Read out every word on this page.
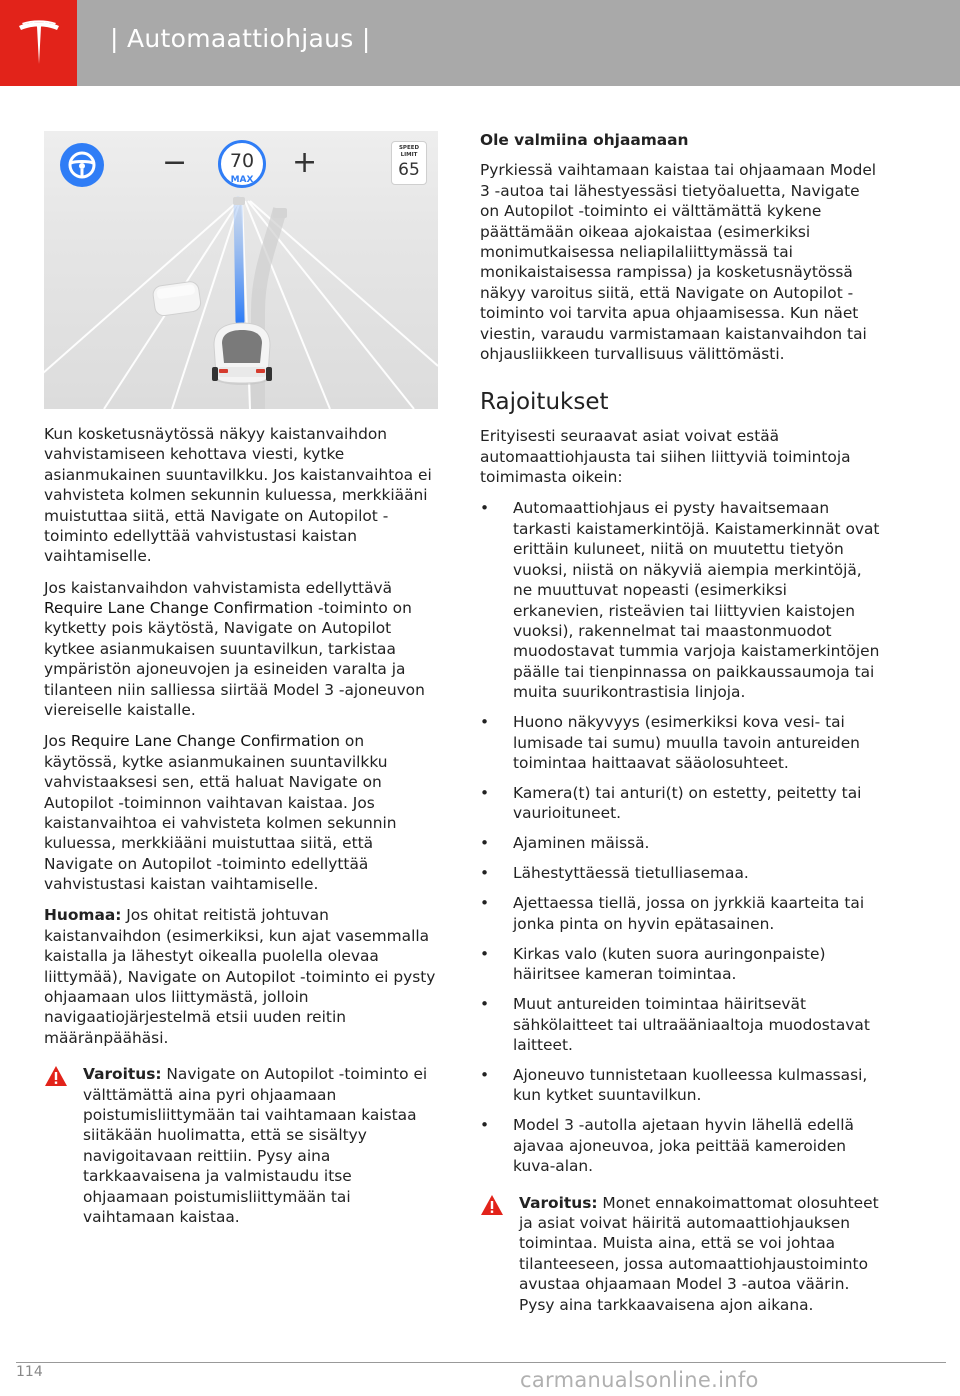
| Automaattiohjaus |
−	70
MAX	+	SPEED
LIMIT
65

Kun kosketusnäytössä näkyy kaistanvaihdon vahvistamiseen kehottava viesti, kytke asianmukainen suuntavilkku. Jos kaistanvaihtoa ei vahvisteta kolmen sekunnin kuluessa, merkkiääni muistuttaa siitä, että Navigate on Autopilot -toiminto edellyttää vahvistustasi kaistan vaihtamiselle.

Jos kaistanvaihdon vahvistamista edellyttävä Require Lane Change Confirmation -toiminto on kytketty pois käytöstä, Navigate on Autopilot kytkee asianmukaisen suuntavilkun, tarkistaa ympäristön ajoneuvojen ja esineiden varalta ja tilanteen niin salliessa siirtää Model 3 -ajoneuvon viereiselle kaistalle.

Jos Require Lane Change Confirmation on käytössä, kytke asianmukainen suuntavilkku vahvistaaksesi sen, että haluat Navigate on Autopilot -toiminnon vaihtavan kaistaa. Jos kaistanvaihtoa ei vahvisteta kolmen sekunnin kuluessa, merkkiääni muistuttaa siitä, että Navigate on Autopilot -toiminto edellyttää vahvistustasi kaistan vaihtamiselle.

Huomaa: Jos ohitat reitistä johtuvan kaistanvaihdon (esimerkiksi, kun ajat vasemmalla kaistalla ja lähestyt oikealla puolella olevaa liittymää), Navigate on Autopilot -toiminto ei pysty ohjaamaan ulos liittymästä, jolloin navigaatiojärjestelmä etsii uuden reitin määränpäähäsi.

Varoitus: Navigate on Autopilot -toiminto ei välttämättä aina pyri ohjaamaan poistumisliittymään tai vaihtamaan kaistaa siitäkään huolimatta, että se sisältyy navigoitavaan reittiin. Pysy aina tarkkaavaisena ja valmistaudu itse ohjaamaan poistumisliittymään tai vaihtamaan kaistaa.
Ole valmiina ohjaamaan

Pyrkiessä vaihtamaan kaistaa tai ohjaamaan Model 3 -autoa tai lähestyessäsi tietyöaluetta, Navigate on Autopilot -toiminto ei välttämättä kykene päättämään oikeaa ajokaistaa (esimerkiksi monimutkaisessa neliapilaliittymässä tai monikaistaisessa rampissa) ja kosketusnäytössä näkyy varoitus siitä, että Navigate on Autopilot -toiminto voi tarvita apua ohjaamisessa. Kun näet viestin, varaudu varmistamaan kaistanvaihdon tai ohjausliikkeen turvallisuus välittömästi.

Rajoitukset

Erityisesti seuraavat asiat voivat estää automaattiohjausta tai siihen liittyviä toimintoja toimimasta oikein:

• Automaattiohjaus ei pysty havaitsemaan tarkasti kaistamerkintöjä. Kaistamerkinnät ovat erittäin kuluneet, niitä on muutettu tietyön vuoksi, niistä on näkyviä aiempia merkintöjä, ne muuttuvat nopeasti (esimerkiksi erkanevien, risteävien tai liittyvien kaistojen vuoksi), rakennelmat tai maastonmuodot muodostavat tummia varjoja kaistamerkintöjen päälle tai tienpinnassa on paikkaussaumoja tai muita suurikontrastisia linjoja.
• Huono näkyvyys (esimerkiksi kova vesi- tai lumisade tai sumu) muulla tavoin antureiden toimintaa haittaavat sääolosuhteet.
• Kamera(t) tai anturi(t) on estetty, peitetty tai vaurioituneet.
• Ajaminen mäissä.
• Lähestyttäessä tietulliasemaa.
• Ajettaessa tiellä, jossa on jyrkkiä kaarteita tai jonka pinta on hyvin epätasainen.
• Kirkas valo (kuten suora auringonpaiste) häiritsee kameran toimintaa.
• Muut antureiden toimintaa häiritsevät sähkölaitteet tai ultraääniaaltoja muodostavat laitteet.
• Ajoneuvo tunnistetaan kuolleessa kulmassasi, kun kytket suuntavilkun.
• Model 3 -autolla ajetaan hyvin lähellä edellä ajavaa ajoneuvoa, joka peittää kameroiden kuva-alan.
Varoitus: Monet ennakoimattomat olosuhteet ja asiat voivat häiritä automaattiohjauksen toimintaa. Muista aina, että se voi johtaa tilanteeseen, jossa automaattiohjaustoiminto avustaa ohjaamaan Model 3 -autoa väärin. Pysy aina tarkkaavaisena ajon aikana.
114	carmanualsonline.info
